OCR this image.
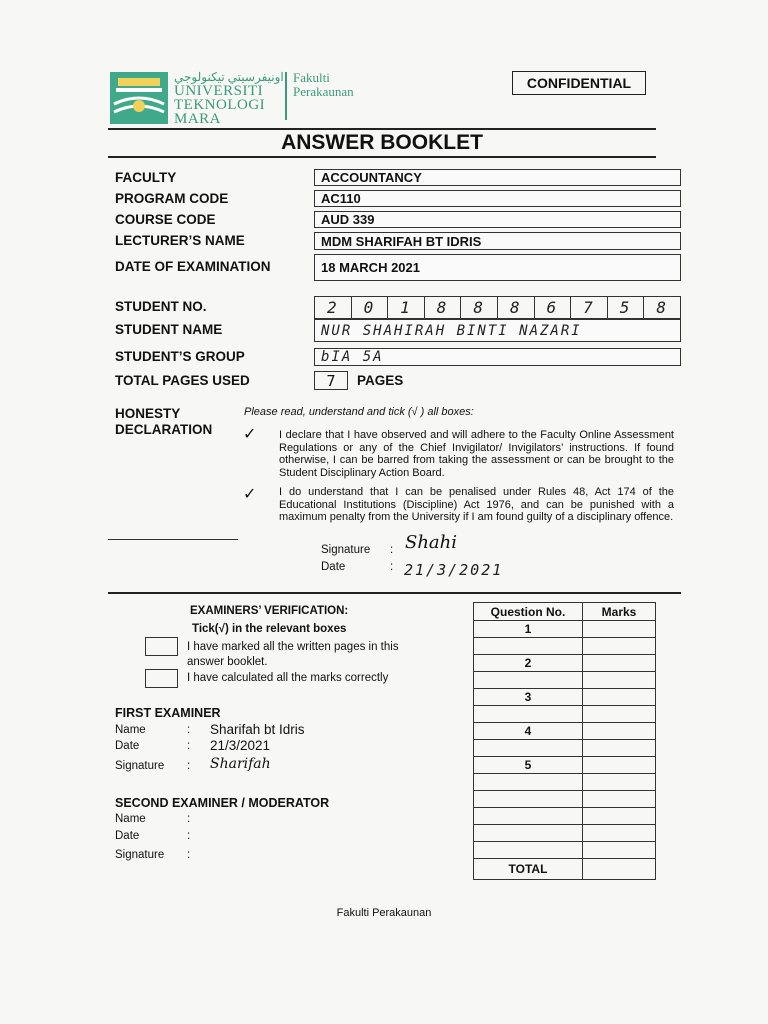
ﺍﻭﻧﻴﻔﺮﺳﻴﺘﻲ ﺗﻴﻜﻨﻮﻟﻮﺟﻲ
UNIVERSITI
TEKNOLOGI
MARA
Fakulti
Perakaunan
CONFIDENTIAL
ANSWER BOOKLET
FACULTY	ACCOUNTANCY
PROGRAM CODE	AC110
COURSE CODE	AUD 339
LECTURER’S NAME	MDM SHARIFAH BT IDRIS
DATE OF EXAMINATION	18 MARCH 2021
STUDENT NO.	2	0	1	8	8	8	6	7	5	8
STUDENT NAME	NUR SHAHIRAH BINTI NAZARI
STUDENT’S GROUP	bIA 5A
TOTAL PAGES USED	7	PAGES
HONESTY
DECLARATION
Please read, understand and tick (√ ) all boxes:
✓ I declare that I have observed and will adhere to the Faculty Online Assessment Regulations or any of the Chief Invigilator/ Invigilators’ instructions. If found otherwise, I can be barred from taking the assessment or can be brought to the Student Disciplinary Action Board.
✓ I do understand that I can be penalised under Rules 48, Act 174 of the Educational Institutions (Discipline) Act 1976, and can be punished with a maximum penalty from the University if I am found guilty of a disciplinary offence.
Signature : Shahi
Date	: 21/3/2021
EXAMINERS’ VERIFICATION:
Tick(√) in the relevant boxes
I have marked all the written pages in this answer booklet.
I have calculated all the marks correctly
FIRST EXAMINER
Name	: Sharifah bt Idris
Date	: 21/3/2021
Signature : Sharifah
SECOND EXAMINER / MODERATOR
Name	:
Date	:
Signature :
Question No.	Marks
1	

2	

3	

4	

5	

TOTAL	
Fakulti Perakaunan
